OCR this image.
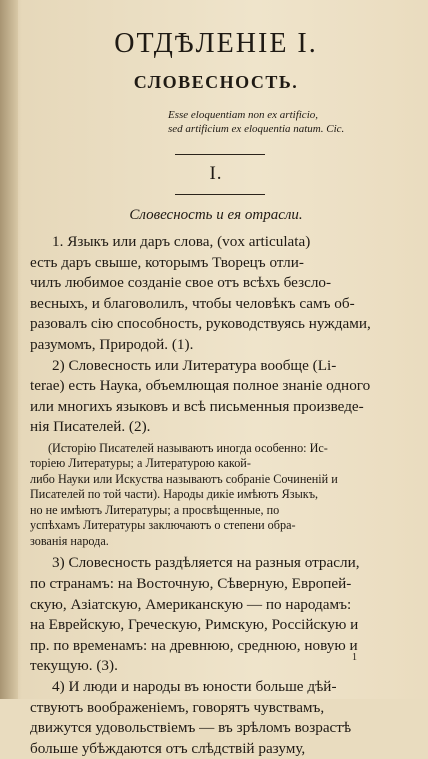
ОТДѢЛЕНIЕ I.
СЛОВЕСНОСТЬ.
Esse eloquentiam non ex artificio,
sed artificium ex eloquentia natum. Cic.
I.
Словесность и ея отрасли.
1. Языкъ или даръ слова, (vox articulata)
есть даръ свыше, которымъ Творецъ отли-
чилъ любимое созданiе свое отъ всѣхъ безсло-
весныхъ, и благоволилъ, чтобы человѣкъ самъ об-
разовалъ сiю способность, руководствуясь нуждами,
разумомъ, Природой. (1).
2) Словесность или Литература вообще (Li-
terae) есть Наука, объемлющая полное знанiе одного
или многихъ языковъ и всѣ письменныя произведе-
нiя Писателей. (2).
(Исторiю Писателей называютъ иногда особенно: Ис-
торiею Литературы; а Литературою какой-
либо Науки или Искуства называютъ собранiе Сочиненiй и
Писателей по той части). Народы дикiе имѣютъ Языкъ,
но не имѣютъ Литературы; а просвѣщенные, по
успѣхамъ Литературы заключаютъ о степени обра-
зованiя народа.
3) Словесность раздѣляется на разныя отрасли,
по странамъ: на Восточную, Сѣверную, Европей-
скую, Азiатскую, Американскую — по народамъ:
на Еврейскую, Греческую, Римскую, Россiйскую и
пр. по временамъ: на древнюю, среднюю, новую и
текущую. (3).
4) И люди и народы въ юности больше дѣй-
ствуютъ воображенiемъ, говорятъ чувствамъ,
движутся удовольствiемъ — въ зрѣломъ возрастѣ
больше убѣждаются отъ слѣдствiй разуму,
1
